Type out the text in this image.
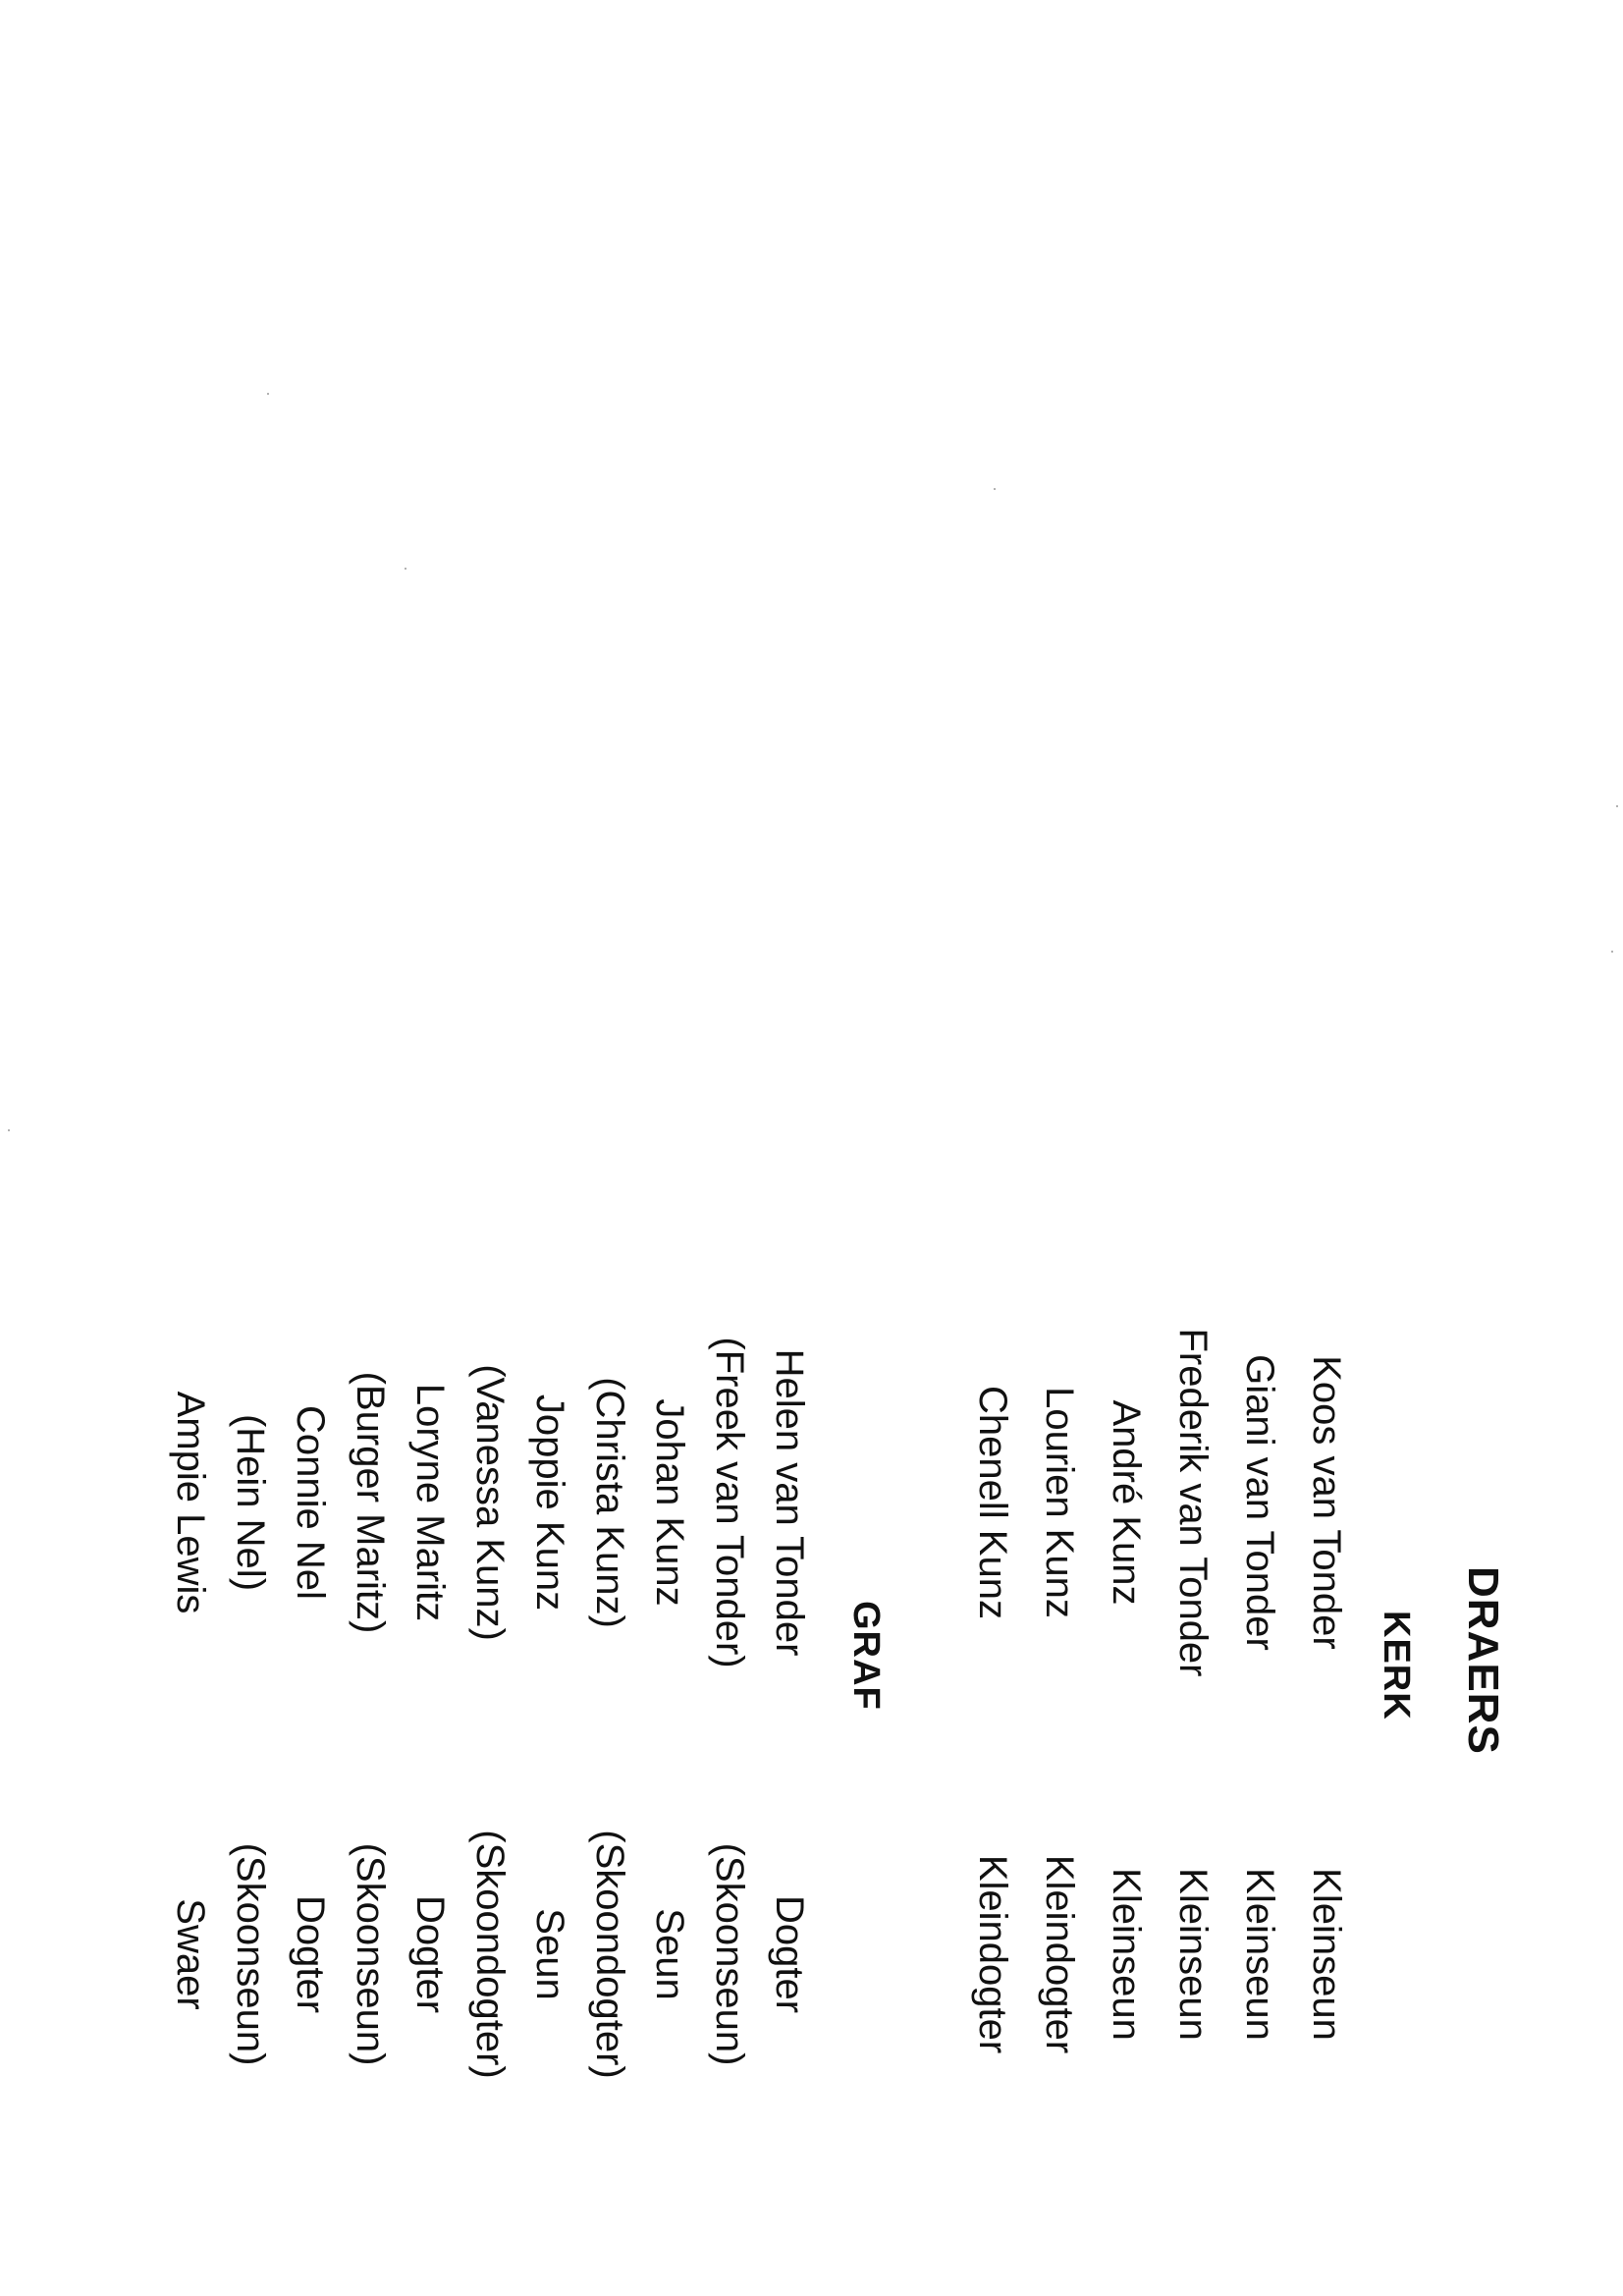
DRAERS
KERK
Koos van Tonder
Giani van Tonder
Frederik van Tonder
André Kunz
Lourien Kunz
Chenell Kunz
Kleinseun
Kleinseun
Kleinseun
Kleinseun
Kleindogter
Kleindogter
GRAF
Helen van Tonder
(Freek van Tonder)
Johan Kunz
(Christa Kunz)
Joppie Kunz
(Vanessa Kunz)
Loryne Maritz
(Burger Maritz)
Connie Nel
(Hein Nel)
Ampie Lewis
Dogter
(Skoonseun)
Seun
(Skoondogter)
Seun
(Skoondogter)
Dogter
(Skoonseun)
Dogter
(Skoonseun)
Swaer
